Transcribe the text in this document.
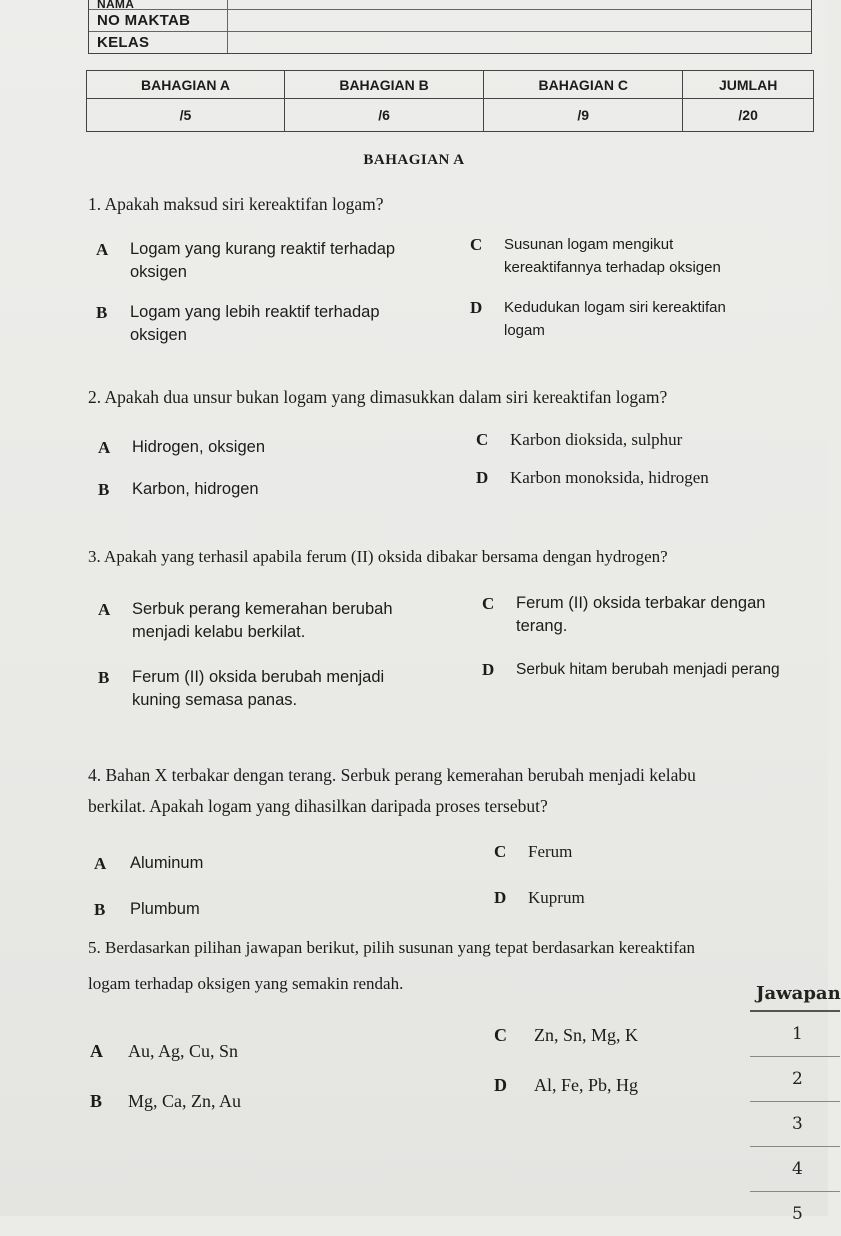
NAMA
NO MAKTAB
KELAS
BAHAGIAN A	BAHAGIAN B	BAHAGIAN C	JUMLAH
/5	/6	/9	/20
BAHAGIAN A
1. Apakah maksud siri kereaktifan logam?
A	Logam yang kurang reaktif terhadap
oksigen
B	Logam yang lebih reaktif terhadap
oksigen
C	Susunan logam mengikut
kereaktifannya terhadap oksigen
D	Kedudukan logam siri kereaktifan
logam
2. Apakah dua unsur bukan logam yang dimasukkan dalam siri kereaktifan logam?
A	Hidrogen, oksigen
B	Karbon, hidrogen
C	Karbon dioksida, sulphur
D	Karbon monoksida, hidrogen
3. Apakah yang terhasil apabila ferum (II) oksida dibakar bersama dengan hydrogen?
A	Serbuk perang kemerahan berubah
menjadi kelabu berkilat.
B	Ferum (II) oksida berubah menjadi
kuning semasa panas.
C	Ferum (II) oksida terbakar dengan
terang.
D	Serbuk hitam berubah menjadi perang
4. Bahan X terbakar dengan terang. Serbuk perang kemerahan berubah menjadi kelabu
berkilat. Apakah logam yang dihasilkan daripada proses tersebut?
A	Aluminum
B	Plumbum
C	Ferum
D	Kuprum
5. Berdasarkan pilihan jawapan berikut, pilih susunan yang tepat berdasarkan kereaktifan
logam terhadap oksigen yang semakin rendah.
A	Au, Ag, Cu, Sn
B	Mg, Ca, Zn, Au
C	Zn, Sn, Mg, K
D	Al, Fe, Pb, Hg
Jawapan
1
2
3
4
5
